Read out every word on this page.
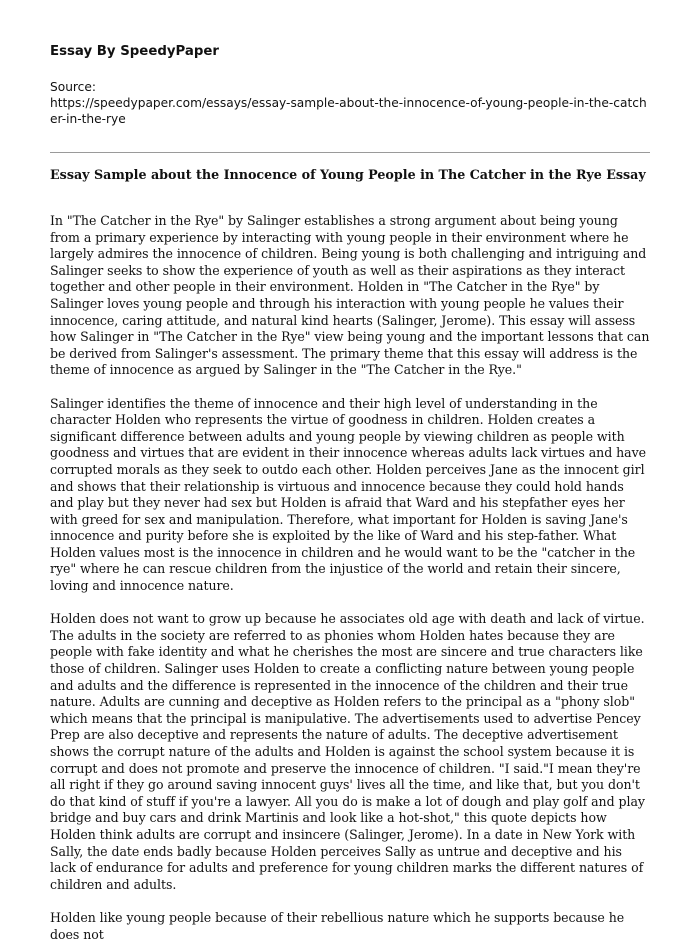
Essay By SpeedyPaper
Source:
https://speedypaper.com/essays/essay-sample-about-the-innocence-of-young-people-in-the-catcher-in-the-rye
Essay Sample about the Innocence of Young People in The Catcher in the Rye Essay

In "The Catcher in the Rye" by Salinger establishes a strong argument about being young from a primary experience by interacting with young people in their environment where he largely admires the innocence of children. Being young is both challenging and intriguing and Salinger seeks to show the experience of youth as well as their aspirations as they interact together and other people in their environment. Holden in "The Catcher in the Rye" by Salinger loves young people and through his interaction with young people he values their innocence, caring attitude, and natural kind hearts (Salinger, Jerome). This essay will assess how Salinger in "The Catcher in the Rye" view being young and the important lessons that can be derived from Salinger's assessment. The primary theme that this essay will address is the theme of innocence as argued by Salinger in the "The Catcher in the Rye."

Salinger identifies the theme of innocence and their high level of understanding in the character Holden who represents the virtue of goodness in children. Holden creates a significant difference between adults and young people by viewing children as people with goodness and virtues that are evident in their innocence whereas adults lack virtues and have corrupted morals as they seek to outdo each other. Holden perceives Jane as the innocent girl and shows that their relationship is virtuous and innocence because they could hold hands and play but they never had sex but Holden is afraid that Ward and his stepfather eyes her with greed for sex and manipulation. Therefore, what important for Holden is saving Jane's innocence and purity before she is exploited by the like of Ward and his step-father. What Holden values most is the innocence in children and he would want to be the "catcher in the rye" where he can rescue children from the injustice of the world and retain their sincere, loving and innocence nature.

Holden does not want to grow up because he associates old age with death and lack of virtue. The adults in the society are referred to as phonies whom Holden hates because they are people with fake identity and what he cherishes the most are sincere and true characters like those of children. Salinger uses Holden to create a conflicting nature between young people and adults and the difference is represented in the innocence of the children and their true nature. Adults are cunning and deceptive as Holden refers to the principal as a "phony slob" which means that the principal is manipulative. The advertisements used to advertise Pencey Prep are also deceptive and represents the nature of adults. The deceptive advertisement shows the corrupt nature of the adults and Holden is against the school system because it is corrupt and does not promote and preserve the innocence of children. "I said."I mean they're all right if they go around saving innocent guys' lives all the time, and like that, but you don't do that kind of stuff if you're a lawyer. All you do is make a lot of dough and play golf and play bridge and buy cars and drink Martinis and look like a hot-shot," this quote depicts how Holden think adults are corrupt and insincere (Salinger, Jerome). In a date in New York with Sally, the date ends badly because Holden perceives Sally as untrue and deceptive and his lack of endurance for adults and preference for young children marks the different natures of children and adults.

Holden like young people because of their rebellious nature which he supports because he does not
